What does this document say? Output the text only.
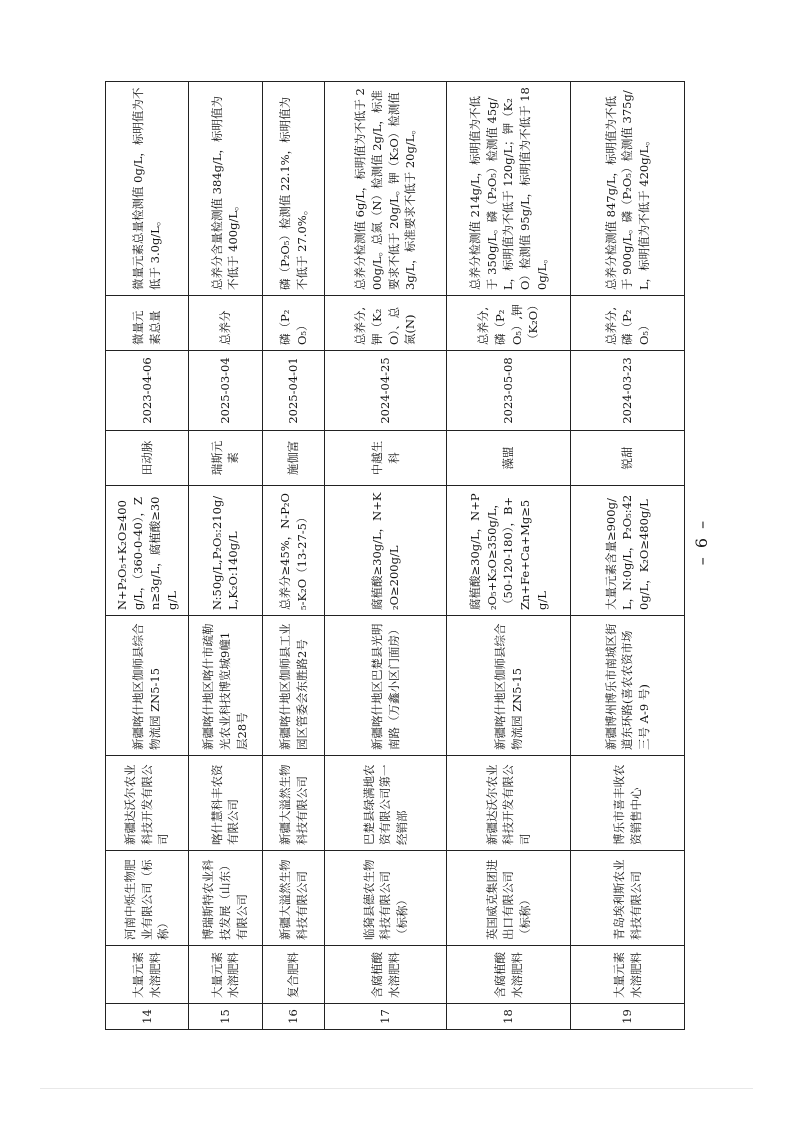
14	大量元素水溶肥料	河南中烁生物肥业有限公司（标称）	新疆达沃尔农业科技开发有限公司	新疆喀什地区伽师县综合物流园 ZN5-15	N+P₂O₅+K₂O≥400g/L，（360-0-40），Zn≥3g/L，腐植酸≥30g/L	田动脉	2023-04-06	微量元素总量	微量元素总量检测值 0g/L，标明值为不低于 3.0g/L。
15	大量元素水溶肥料	博瑞斯特农业科技发展（山东）有限公司	喀什慧科丰农资有限公司	新疆喀什地区喀什市疏勒光农业科技博览城9幢1层28号	N:50g/L,P₂O₅:210g/L,K₂O:140g/L	瑞斯元素	2025-03-04	总养分	总养分含量检测值 384g/L，标明值为不低于 400g/L。
16	复合肥料	新疆大溢然生物科技有限公司	新疆大溢然生物科技有限公司	新疆喀什地区伽师县工业园区管委会东胜路2号	总养分≥45%，N-P₂O₅-K₂O（13-27-5）	施伽富	2025-04-01	磷（P₂O₅）	磷（P₂O₅）检测值 22.1%，标明值为不低于 27.0%。
17	含腐植酸水溶肥料	临猗县德农生物科技有限公司（标称）	巴楚县绿满地农资有限公司第一经销部	新疆喀什地区巴楚县光明南路（万鑫小区门面房）	腐植酸≥30g/L，N+K₂O≥200g/L	中越生科	2024-04-25	总养分,钾（K₂O）、总氮(N)	总养分检测值 6g/L，标明值为不低于 200g/L。总氮（N）检测值 2g/L，标准要求不低于 20g/L。钾（K₂O）检测值 3g/L，标准要求不低于 20g/L。
18	含腐植酸水溶肥料	英国威克集团进出口有限公司（标称）	新疆达沃尔农业科技开发有限公司	新疆喀什地区伽师县综合物流园 ZN5-15	腐植酸≥30g/L，N+P₂O₅+K₂O≥350g/L，（50-120-180），B+Zn+Fe+Ca+Mg≥5g/L	藻盟	2023-05-08	总养分,磷（P₂O₅）,钾（K₂O）	总养分检测值 214g/L，标明值为不低于 350g/L。磷（P₂O₅）检测值 45g/L，标明值为不低于 120g/L；钾（K₂O）检测值 95g/L，标明值为不低于 180g/L。
19	大量元素水溶肥料	青岛埃利斯农业科技有限公司	博乐市喜丰收农资销售中心	新疆博州博乐市南城区街道东环路(喜农农资市场三号 A-9 号)	大量元素含量≥900g/L，N:0g/L，P₂O₅:420g/L，K₂O≥480g/L	锐甜	2024-03-23	总养分,磷（P₂O₅）	总养分检测值 847g/L，标明值为不低于 900g/L。磷（P₂O₅）检测值 375g/L，标明值为不低于 420g/L。
– 6 –
